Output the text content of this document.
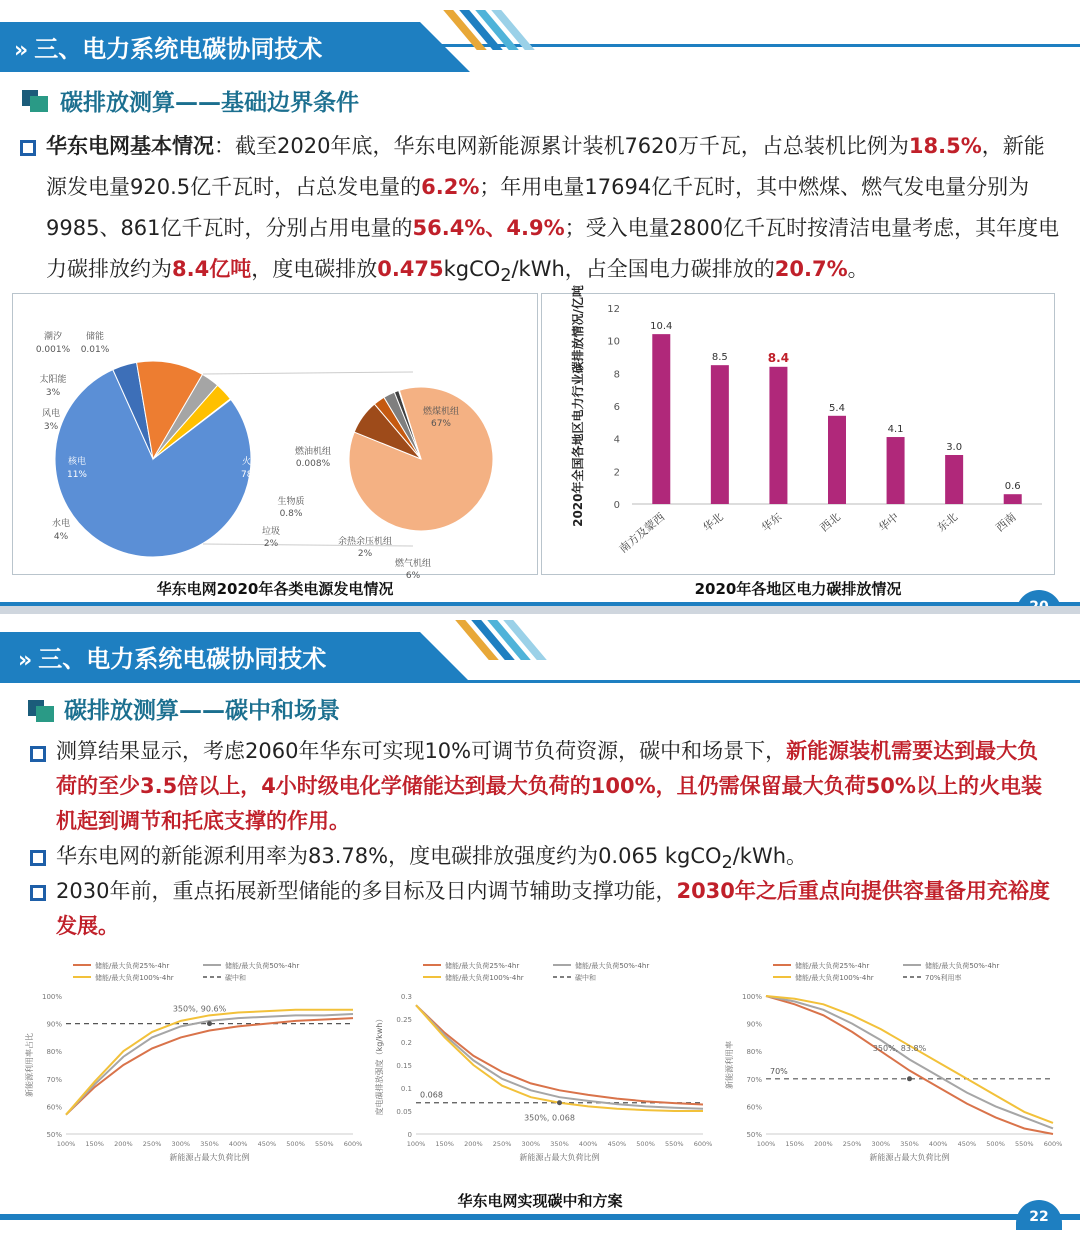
» 三、电力系统电碳协同技术
碳排放测算——基础边界条件
华东电网基本情况：截至2020年底，华东电网新能源累计装机7620万千瓦，占总装机比例为18.5%，新能源发电量920.5亿千瓦时，占总发电量的6.2%；年用电量17694亿千瓦时，其中燃煤、燃气发电量分别为9985、861亿千瓦时，分别占用电量的56.4%、4.9%；受入电量2800亿千瓦时按清洁电量考虑，其年度电力碳排放约为8.4亿吨，度电碳排放0.475kgCO$_2$/kWh，占全国电力碳排放的20.7%。
火电
78%
水电
4%
核电
11%
风电
3%
太阳能
3%
潮汐
0.001%
储能
0.01%
燃煤机组
67%
燃气机组
6%
余热余压机组
2%
垃圾
2%
生物质
0.8%
燃油机组
0.008%
0
2
4
6
8
10
12
2020年全国各地区电力行业碳排放情况/亿吨	10.4
南方及蒙西
8.5
华北
8.4
华东
5.4
西北
4.1
华中
3.0
东北
0.6
西南
华东电网2020年各类电源发电情况	2020年各地区电力碳排放情况
» 三、电力系统电碳协同技术
碳排放测算——碳中和场景
测算结果显示，考虑2060年华东可实现10%可调节负荷资源，碳中和场景下，新能源装机需要达到最大负荷的至少3.5倍以上，4小时级电化学储能达到最大负荷的100%，且仍需保留最大负荷50%以上的火电装机起到调节和托底支撑的作用。
华东电网的新能源利用率为83.78%，度电碳排放强度约为0.065 kgCO$_2$/kWh。
2030年前，重点拓展新型储能的多目标及日内调节辅助支撑功能，2030年之后重点向提供容量备用充裕度发展。
储能/最大负荷25%-4hr	储能/最大负荷50%-4hr
储能/最大负荷100%-4hr	碳中和
50%
60%
70%
80%
90%
100%
100% 150% 200% 250% 300% 350% 400% 450% 500% 550% 600%
新能源占最大负荷比例
新能源利用率占比
350%, 90.6%
储能/最大负荷25%-4hr	储能/最大负荷50%-4hr
储能/最大负荷100%-4hr	碳中和
0
0.05
0.1
0.15
0.2
0.25
0.3
100% 150% 200% 250% 300% 350% 400% 450% 500% 550% 600%
新能源占最大负荷比例
度电碳排放强度（kg/kwh）	0.068
350%, 0.068
储能/最大负荷25%-4hr	储能/最大负荷50%-4hr
储能/最大负荷100%-4hr	70%利用率
50%
60%
70%
80%
90%
100%
100% 150% 200% 250% 300% 350% 400% 450% 500% 550% 600%
新能源占最大负荷比例
新能源利用率	70%
350%, 83.8%
华东电网实现碳中和方案
22
